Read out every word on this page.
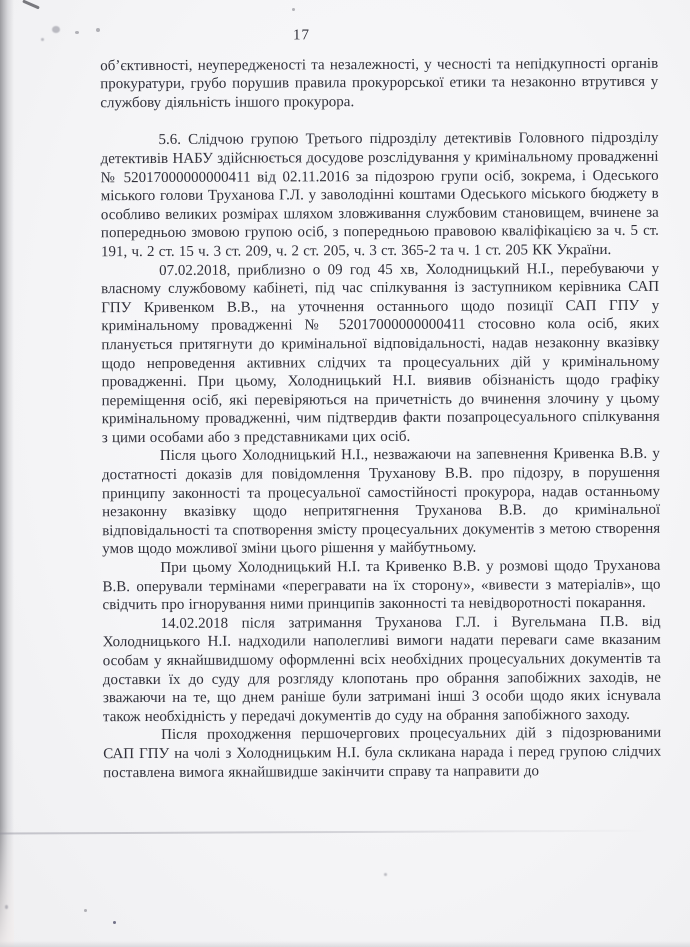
17

об’єктивності, неупередженості та незалежності, у чесності та непідкупності органів прокуратури, грубо порушив правила прокурорської етики та незаконно втрутився у службову діяльність іншого прокурора.

5.6. Слідчою групою Третього підрозділу детективів Головного підрозділу детективів НАБУ здійснюється досудове розслідування у кримінальному провадженні № 52017000000000411 від 02.11.2016 за підозрою групи осіб, зокрема, і Одеського міського голови Труханова Г.Л. у заволодінні коштами Одеського міського бюджету в особливо великих розмірах шляхом зловживання службовим становищем, вчинене за попередньою змовою групою осіб, з попередньою правовою кваліфікацією за ч. 5 ст. 191, ч. 2 ст. 15 ч. 3 ст. 209, ч. 2 ст. 205, ч. 3 ст. 365-2 та ч. 1 ст. 205 КК України.

07.02.2018, приблизно о 09 год 45 хв, Холодницький Н.І., перебуваючи у власному службовому кабінеті, під час спілкування із заступником керівника САП ГПУ Кривенком В.В., на уточнення останнього щодо позиції САП ГПУ у кримінальному провадженні № 52017000000000411 стосовно кола осіб, яких планується притягнути до кримінальної відповідальності, надав незаконну вказівку щодо непроведення активних слідчих та процесуальних дій у кримінальному провадженні. При цьому, Холодницький Н.І. виявив обізнаність щодо графіку переміщення осіб, які перевіряються на причетність до вчинення злочину у цьому кримінальному провадженні, чим підтвердив факти позапроцесуального спілкування з цими особами або з представниками цих осіб.

Після цього Холодницький Н.І., незважаючи на запевнення Кривенка В.В. у достатності доказів для повідомлення Труханову В.В. про підозру, в порушення принципу законності та процесуальної самостійності прокурора, надав останньому незаконну вказівку щодо непритягнення Труханова В.В. до кримінальної відповідальності та спотворення змісту процесуальних документів з метою створення умов щодо можливої зміни цього рішення у майбутньому.

При цьому Холодницький Н.І. та Кривенко В.В. у розмові щодо Труханова В.В. оперували термінами «перегравати на їх сторону», «вивести з матеріалів», що свідчить про ігнорування ними принципів законності та невідворотності покарання.

14.02.2018 після затримання Труханова Г.Л. і Вугельмана П.В. від Холодницького Н.І. надходили наполегливі вимоги надати переваги саме вказаним особам у якнайшвидшому оформленні всіх необхідних процесуальних документів та доставки їх до суду для розгляду клопотань про обрання запобіжних заходів, не зважаючи на те, що днем раніше були затримані інші 3 особи щодо яких існувала також необхідність у передачі документів до суду на обрання запобіжного заходу.

Після проходження першочергових процесуальних дій з підозрюваними САП ГПУ на чолі з Холодницьким Н.І. була скликана нарада і перед групою слідчих поставлена вимога якнайшвидше закінчити справу та направити до
